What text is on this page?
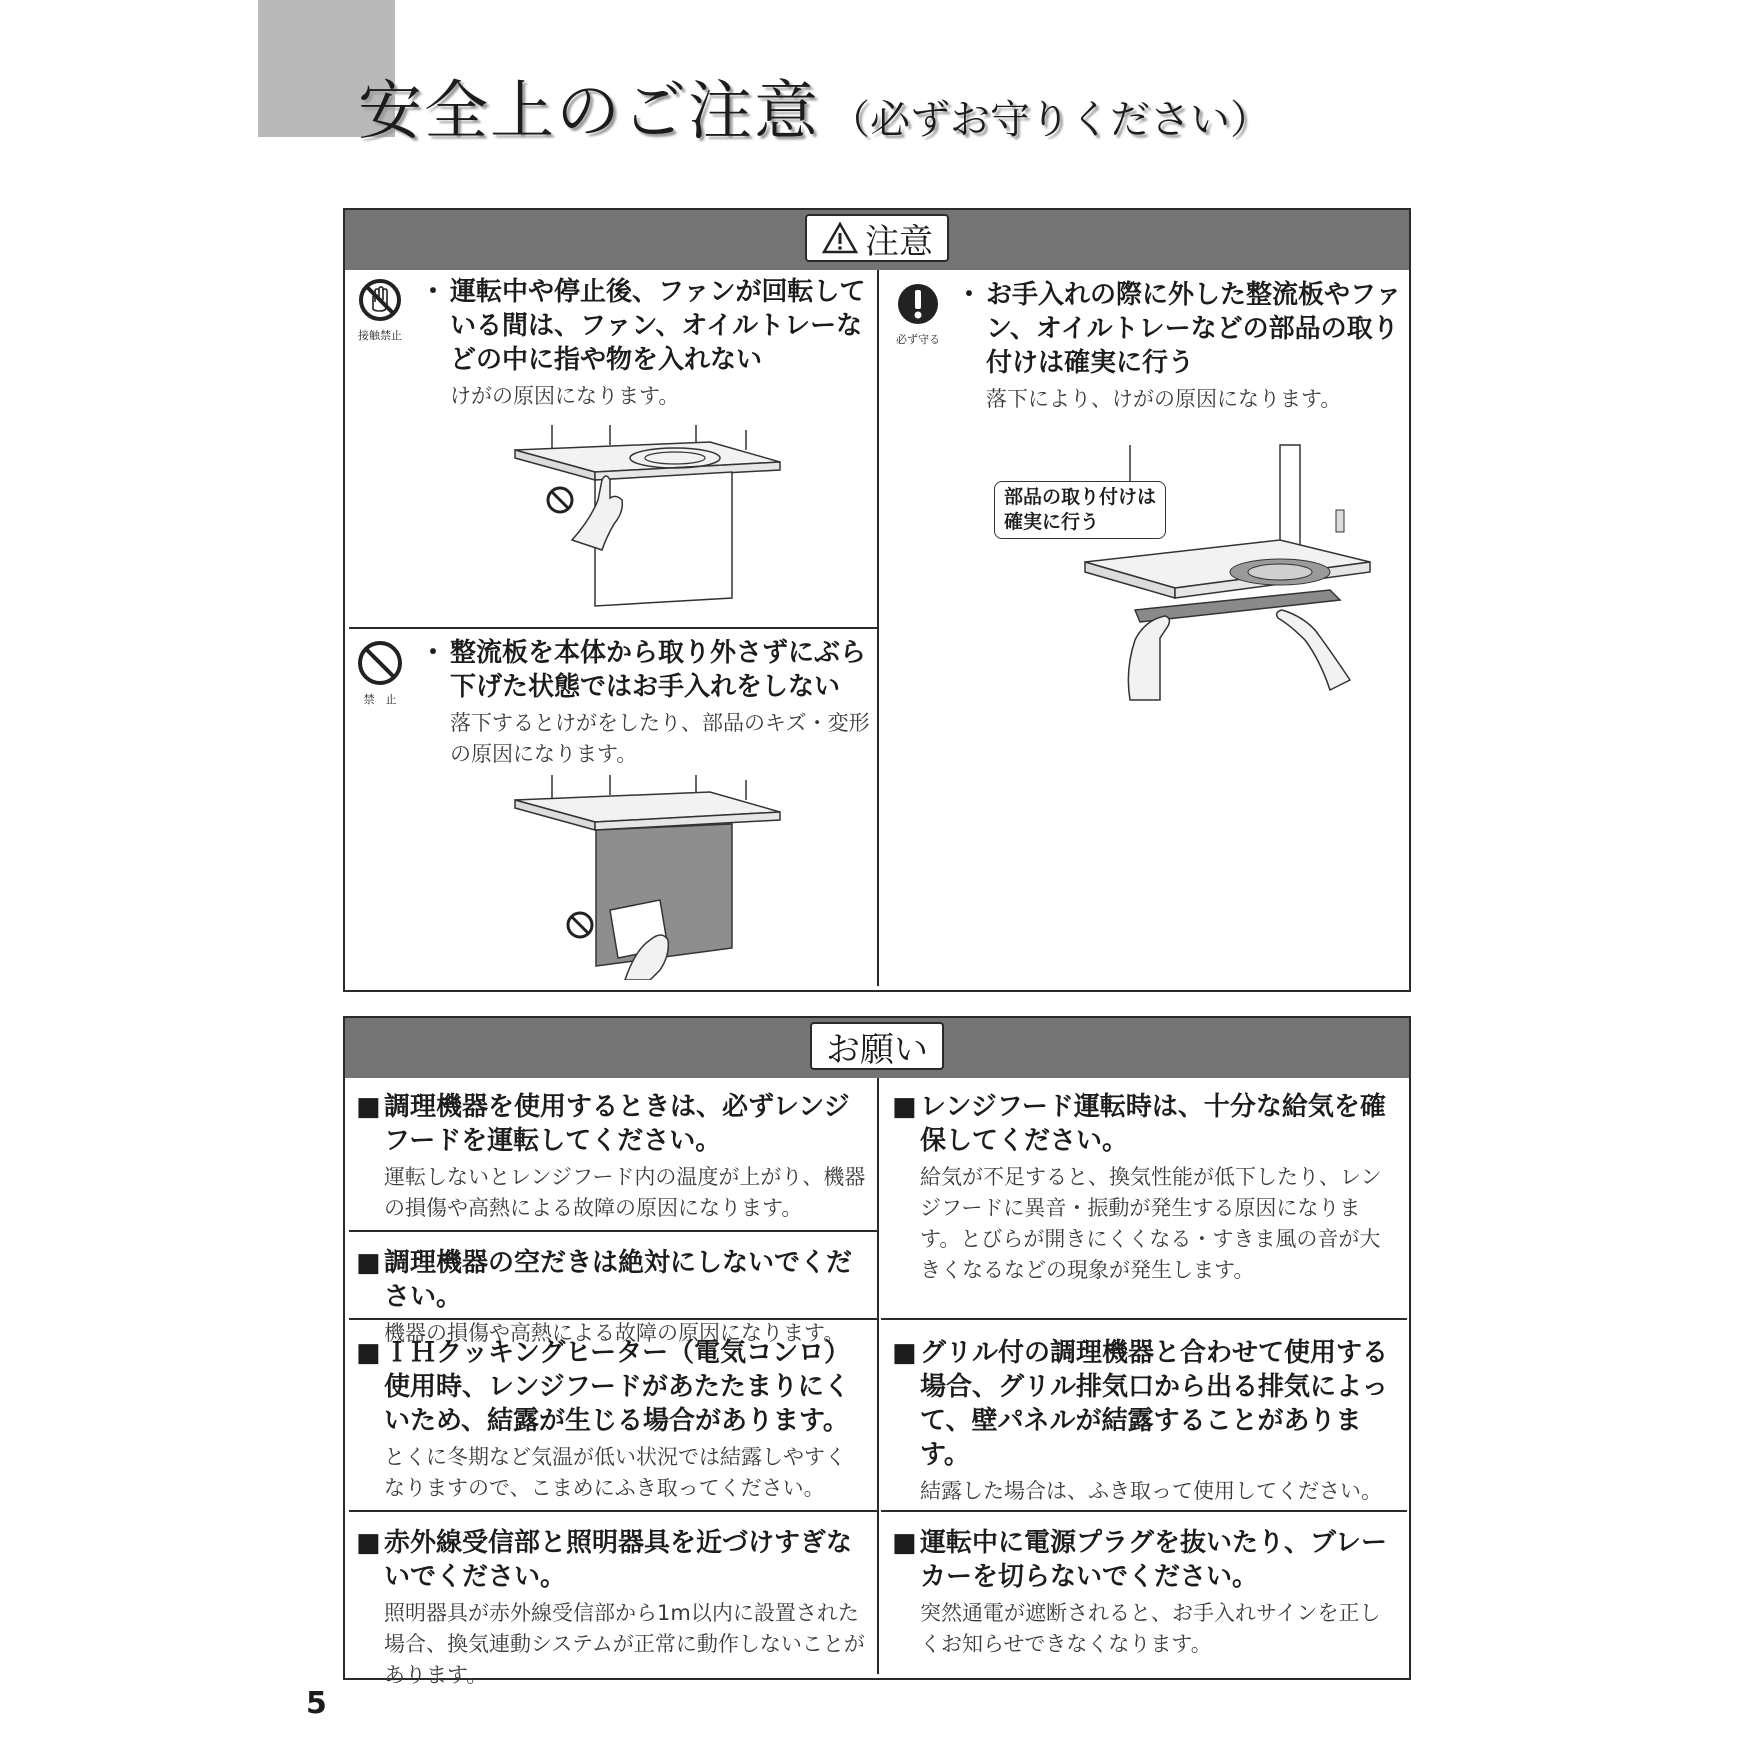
安全上のご注意 （必ずお守りください）
注意
接触禁止

・ 運転中や停止後、ファンが回転している間は、ファン、オイルトレーなどの中に指や物を入れない

けがの原因になります。

禁　止

・ 整流板を本体から取り外さずにぶら下げた状態ではお手入れをしない

落下するとけがをしたり、部品のキズ・変形の原因になります。

必ず守る

・ お手入れの際に外した整流板やファン、オイルトレーなどの部品の取り付けは確実に行う

落下により、けがの原因になります。

部品の取り付けは
確実に行う
お願い

■ 調理機器を使用するときは、必ずレンジフードを運転してください。

運転しないとレンジフード内の温度が上がり、機器の損傷や高熱による故障の原因になります。

■ 調理機器の空だきは絶対にしないでください。

機器の損傷や高熱による故障の原因になります。

■ ＩＨクッキングヒーター（電気コンロ）使用時、レンジフードがあたたまりにくいため、結露が生じる場合があります。

とくに冬期など気温が低い状況では結露しやすくなりますので、こまめにふき取ってください。

■ 赤外線受信部と照明器具を近づけすぎないでください。

照明器具が赤外線受信部から1m以内に設置された場合、換気連動システムが正常に動作しないことがあります。

■ レンジフード運転時は、十分な給気を確保してください。

給気が不足すると、換気性能が低下したり、レンジフードに異音・振動が発生する原因になります。とびらが開きにくくなる・すきま風の音が大きくなるなどの現象が発生します。

■ グリル付の調理機器と合わせて使用する場合、グリル排気口から出る排気によって、壁パネルが結露することがあります。

結露した場合は、ふき取って使用してください。

■ 運転中に電源プラグを抜いたり、ブレーカーを切らないでください。

突然通電が遮断されると、お手入れサインを正しくお知らせできなくなります。

5
